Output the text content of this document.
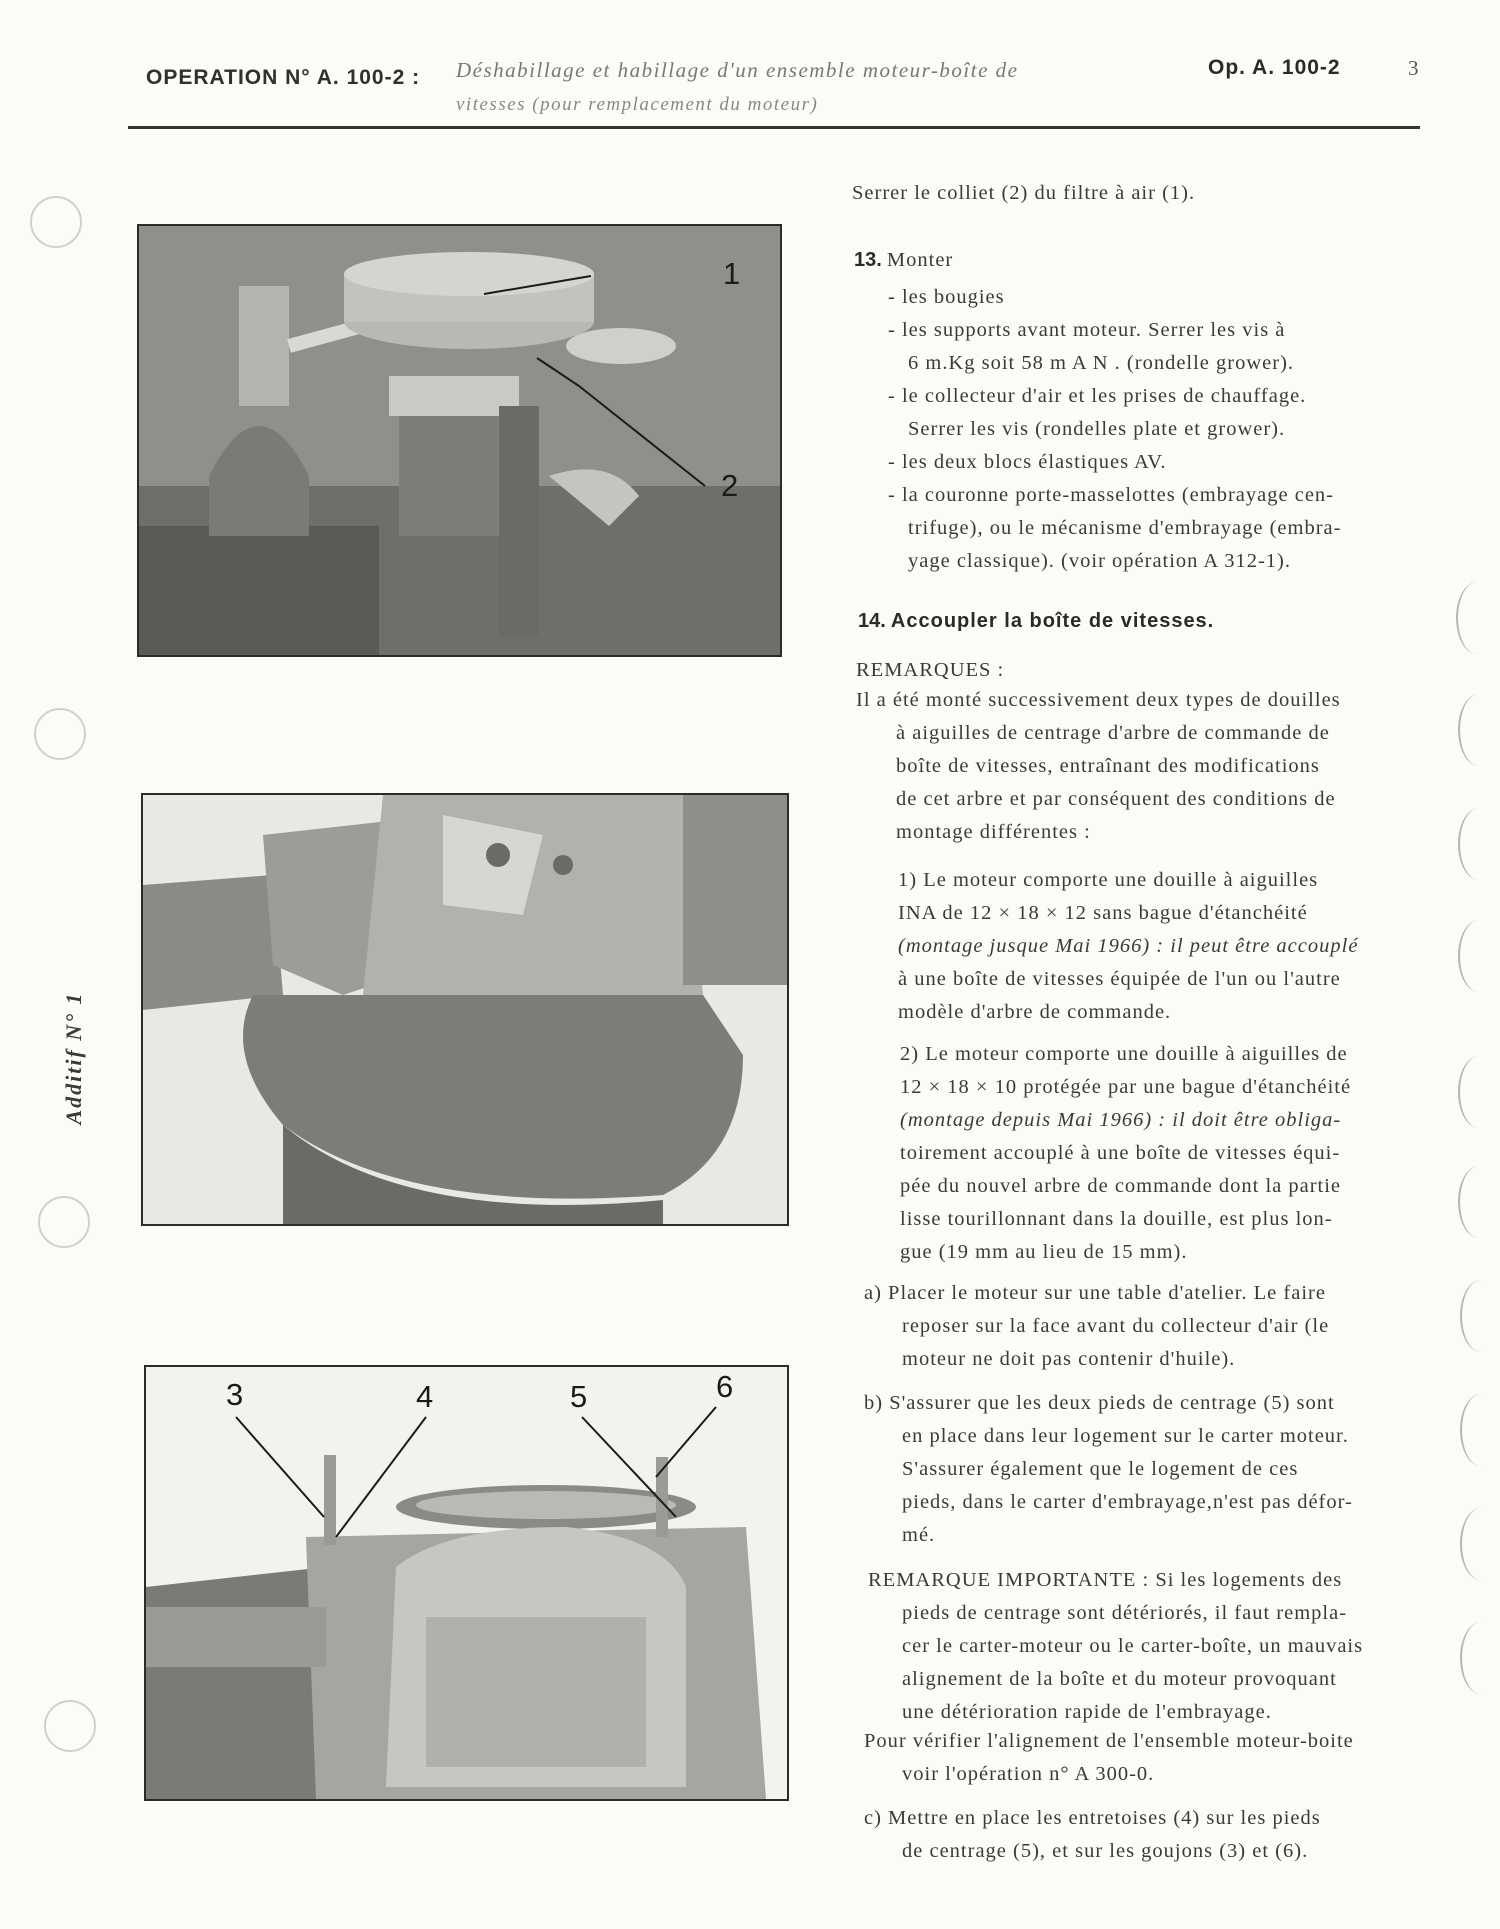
OPERATION N° A. 100-2 : Déshabillage et habillage d'un ensemble moteur-boîte de
vitesses (pour remplacement du moteur)
Op. A. 100-2	3
Additif N° 1
1
2
3	4	5	6
Serrer le colliet (2) du filtre à air (1).
13. Monter
- les bougies
- les supports avant moteur. Serrer les vis à
6 m.Kg soit 58 m A N . (rondelle grower).
- le collecteur d'air et les prises de chauffage.
Serrer les vis (rondelles plate et grower).
- les deux blocs élastiques AV.
- la couronne porte-masselottes (embrayage cen-
trifuge), ou le mécanisme d'embrayage (embra-
yage classique). (voir opération A 312-1).
14. Accoupler la boîte de vitesses.
REMARQUES :
Il a été monté successivement deux types de douilles
à aiguilles de centrage d'arbre de commande de
boîte de vitesses, entraînant des modifications
de cet arbre et par conséquent des conditions de
montage différentes :
1) Le moteur comporte une douille à aiguilles
INA de 12 × 18 × 12 sans bague d'étanchéité
(montage jusque Mai 1966) : il peut être accouplé
à une boîte de vitesses équipée de l'un ou l'autre
modèle d'arbre de commande.
2) Le moteur comporte une douille à aiguilles de
12 × 18 × 10 protégée par une bague d'étanchéité
(montage depuis Mai 1966) : il doit être obliga-
toirement accouplé à une boîte de vitesses équi-
pée du nouvel arbre de commande dont la partie
lisse tourillonnant dans la douille, est plus lon-
gue (19 mm au lieu de 15 mm).
a) Placer le moteur sur une table d'atelier. Le faire
reposer sur la face avant du collecteur d'air (le
moteur ne doit pas contenir d'huile).
b) S'assurer que les deux pieds de centrage (5) sont
en place dans leur logement sur le carter moteur.
S'assurer également que le logement de ces
pieds, dans le carter d'embrayage,n'est pas défor-
mé.
REMARQUE IMPORTANTE : Si les logements des
pieds de centrage sont détériorés, il faut rempla-
cer le carter-moteur ou le carter-boîte, un mauvais
alignement de la boîte et du moteur provoquant
une détérioration rapide de l'embrayage.
Pour vérifier l'alignement de l'ensemble moteur-boite
voir l'opération n° A 300-0.
c) Mettre en place les entretoises (4) sur les pieds
de centrage (5), et sur les goujons (3) et (6).
